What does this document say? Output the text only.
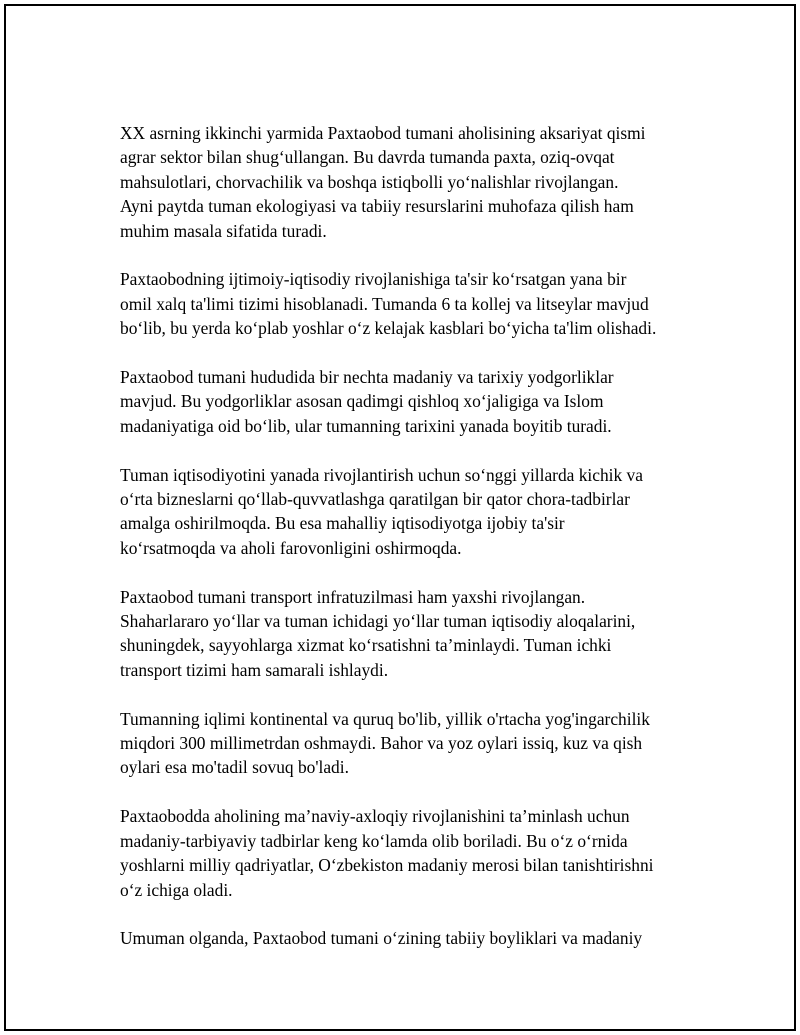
XX asrning ikkinchi yarmida Paxtaobod tumani aholisining aksariyat qismi
agrar sektor bilan shug‘ullangan. Bu davrda tumanda paxta, oziq-ovqat
mahsulotlari, chorvachilik va boshqa istiqbolli yo‘nalishlar rivojlangan.
Ayni paytda tuman ekologiyasi va tabiiy resurslarini muhofaza qilish ham
muhim masala sifatida turadi.

Paxtaobodning ijtimoiy-iqtisodiy rivojlanishiga ta'sir ko‘rsatgan yana bir
omil xalq ta'limi tizimi hisoblanadi. Tumanda 6 ta kollej va litseylar mavjud
bo‘lib, bu yerda ko‘plab yoshlar o‘z kelajak kasblari bo‘yicha ta'lim olishadi.

Paxtaobod tumani hududida bir nechta madaniy va tarixiy yodgorliklar
mavjud. Bu yodgorliklar asosan qadimgi qishloq xo‘jaligiga va Islom
madaniyatiga oid bo‘lib, ular tumanning tarixini yanada boyitib turadi.

Tuman iqtisodiyotini yanada rivojlantirish uchun so‘nggi yillarda kichik va
o‘rta bizneslarni qo‘llab-quvvatlashga qaratilgan bir qator chora-tadbirlar
amalga oshirilmoqda. Bu esa mahalliy iqtisodiyotga ijobiy ta'sir
ko‘rsatmoqda va aholi farovonligini oshirmoqda.

Paxtaobod tumani transport infratuzilmasi ham yaxshi rivojlangan.
Shaharlararo yo‘llar va tuman ichidagi yo‘llar tuman iqtisodiy aloqalarini,
shuningdek, sayyohlarga xizmat ko‘rsatishni ta’minlaydi. Tuman ichki
transport tizimi ham samarali ishlaydi.

Tumanning iqlimi kontinental va quruq bo'lib, yillik o'rtacha yog'ingarchilik
miqdori 300 millimetrdan oshmaydi. Bahor va yoz oylari issiq, kuz va qish
oylari esa mo'tadil sovuq bo'ladi.

Paxtaobodda aholining ma’naviy-axloqiy rivojlanishini ta’minlash uchun
madaniy-tarbiyaviy tadbirlar keng ko‘lamda olib boriladi. Bu o‘z o‘rnida
yoshlarni milliy qadriyatlar, O‘zbekiston madaniy merosi bilan tanishtirishni
o‘z ichiga oladi.

Umuman olganda, Paxtaobod tumani o‘zining tabiiy boyliklari va madaniy
